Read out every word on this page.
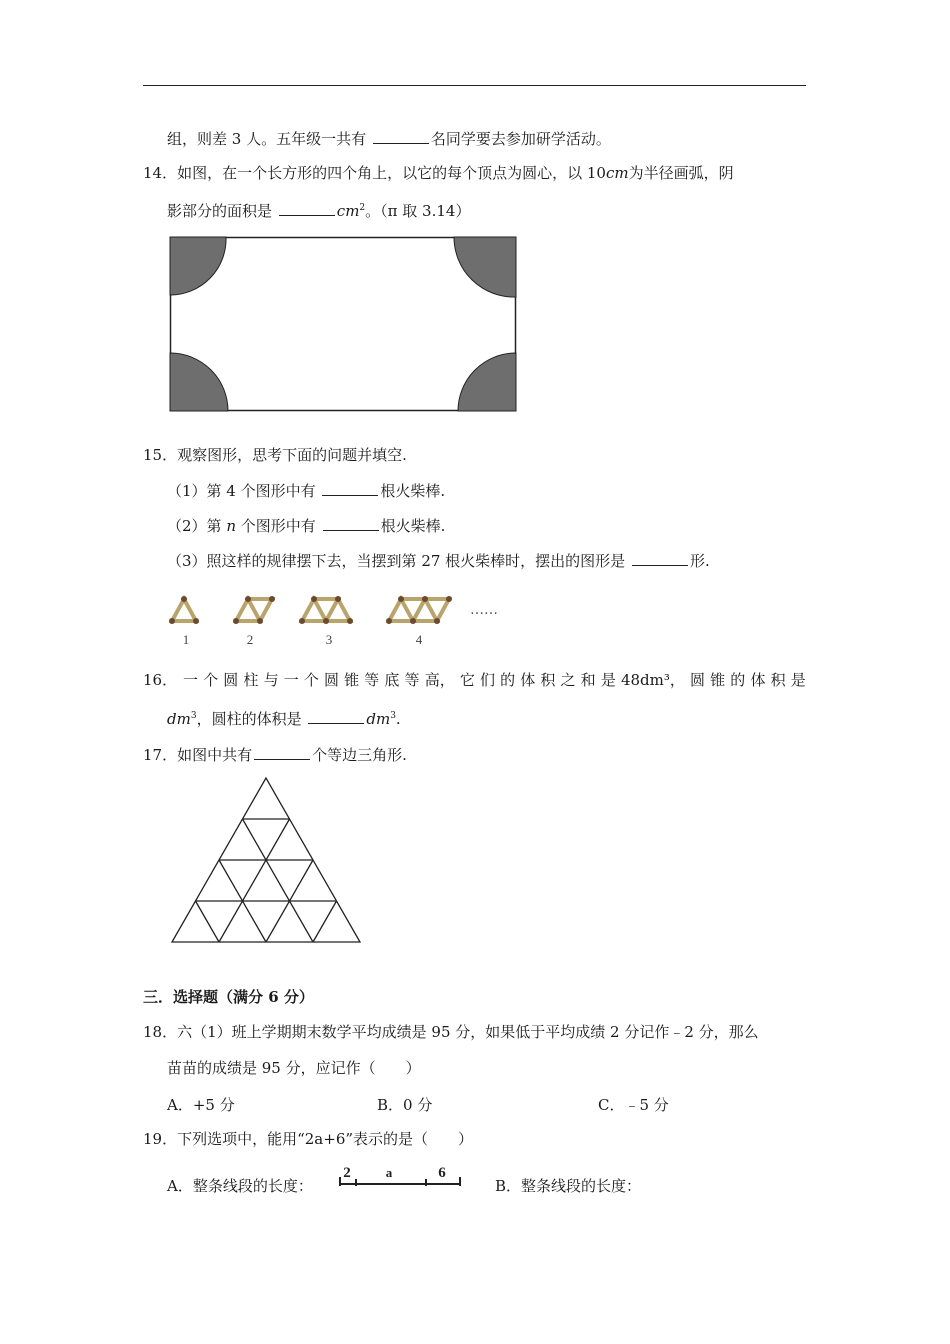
组，则差 3 人。五年级一共有	名同学要去参加研学活动。
14．如图，在一个长方形的四个角上，以它的每个顶点为圆心，以 10cm为半径画弧，阴
影部分的面积是	$cm^2$。（π 取 3.14）
15．观察图形，思考下面的问题并填空.
（1）第 4 个图形中有	根火柴棒.
（2）第 n 个图形中有	根火柴棒.
（3）照这样的规律摆下去，当摆到第 27 根火柴棒时，摆出的图形是	形.
1	2	3	4
……
16． 一 个 圆 柱 与 一 个 圆 锥 等 底 等 高， 它 们 的 体 积 之 和 是 48dm³， 圆 锥 的 体 积 是
$dm^3$，圆柱的体积是	$dm^3$.
17．如图中共有	个等边三角形.
三．选择题（满分 6 分）
18．六（1）班上学期期末数学平均成绩是 95 分，如果低于平均成绩 2 分记作﹣2 分，那么
苗苗的成绩是 95 分，应记作（　　）
A．+5 分	B．0 分	C．﹣5 分
19．下列选项中，能用“2a+6”表示的是（　　）
A．整条线段的长度：
2	a	6
B．整条线段的长度：
